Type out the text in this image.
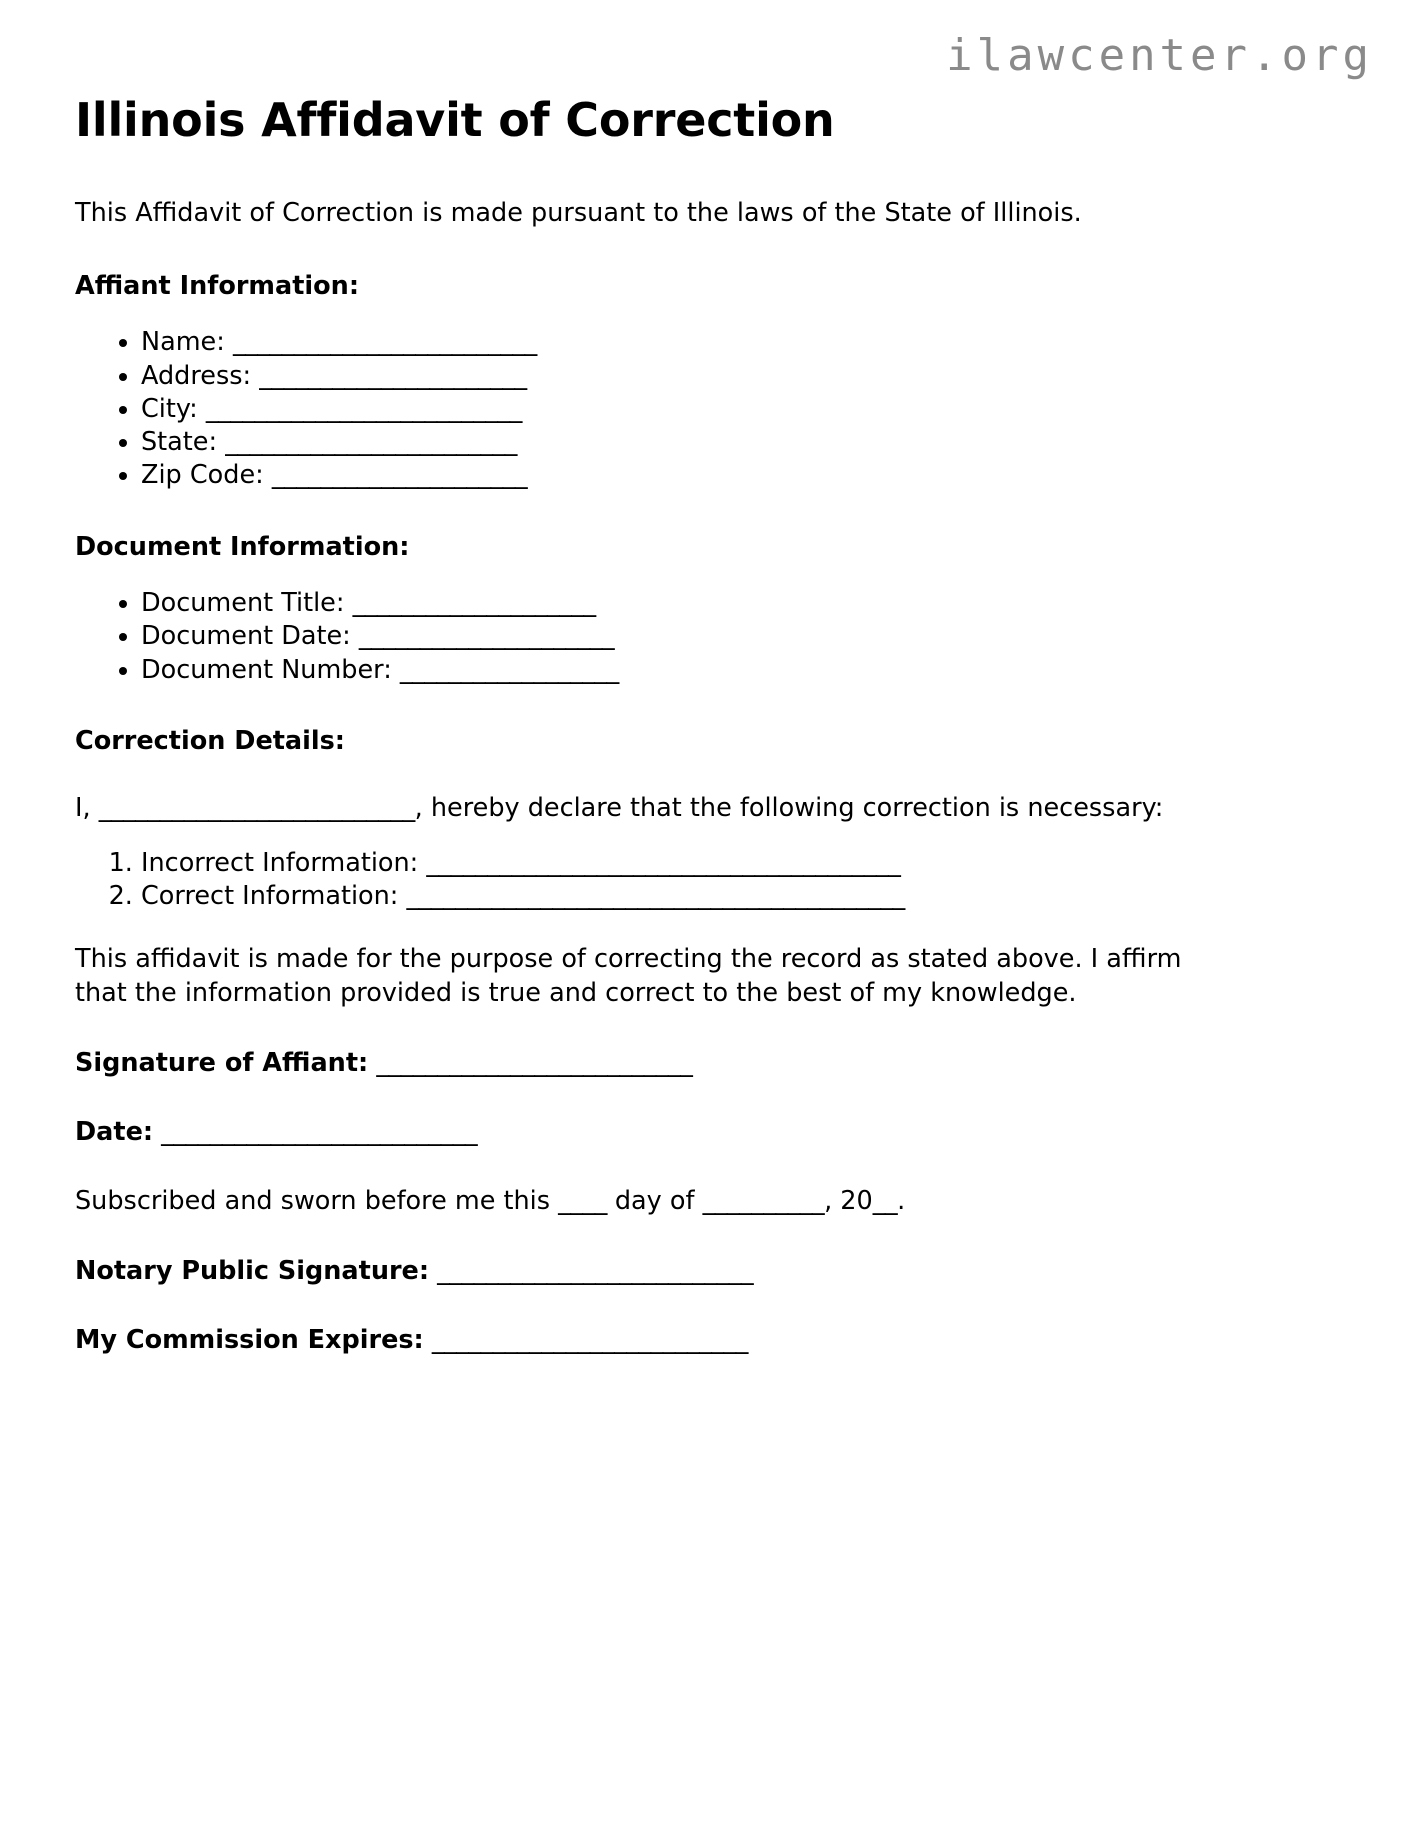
ilawcenter.org
Illinois Affidavit of Correction

This Affidavit of Correction is made pursuant to the laws of the State of Illinois.

Affiant Information:
• Name: _________________________
• Address: ______________________
• City: __________________________
• State: ________________________
• Zip Code: _____________________
Document Information:
• Document Title: ____________________
• Document Date: _____________________
• Document Number: __________________
Correction Details:

I, __________________________, hereby declare that the following correction is necessary:

1. Incorrect Information: _______________________________________
2. Correct Information: _________________________________________

This affidavit is made for the purpose of correcting the record as stated above. I affirm that the information provided is true and correct to the best of my knowledge.

Signature of Affiant: __________________________

Date: __________________________

Subscribed and sworn before me this ____ day of __________, 20__.

Notary Public Signature: __________________________

My Commission Expires: __________________________
